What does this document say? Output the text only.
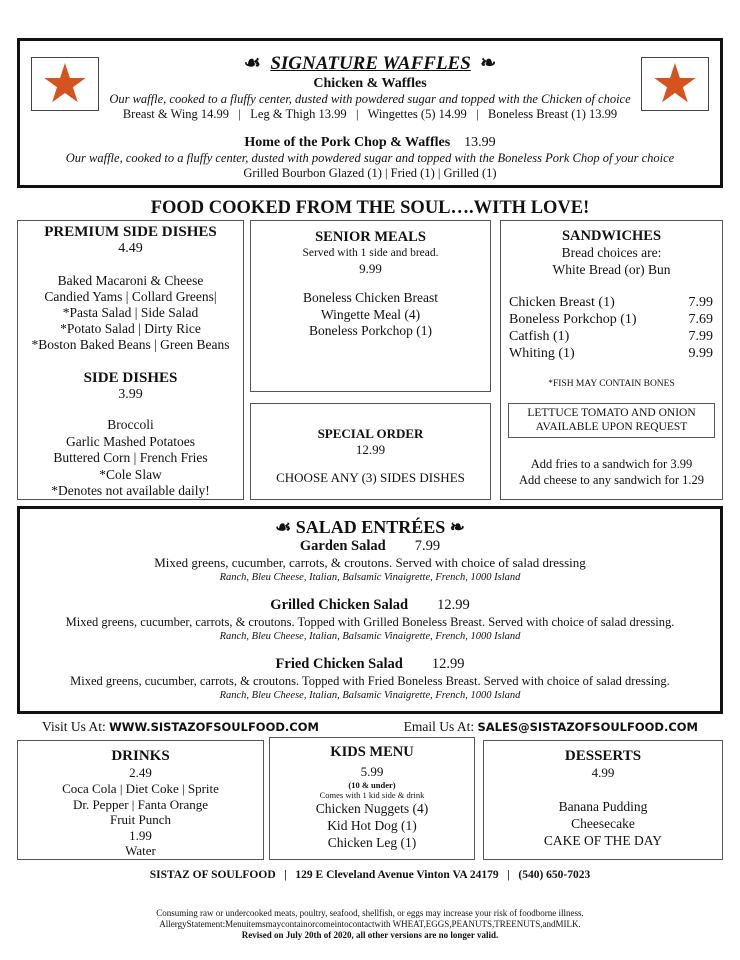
★	★
☙ SIGNATURE WAFFLES ❧
Chicken & Waffles
Our waffle, cooked to a fluffy center, dusted with powdered sugar and topped with the Chicken of choice
Breast & Wing 14.99   |   Leg & Thigh 13.99   |   Wingettes (5) 14.99   |   Boneless Breast (1) 13.99
Home of the Pork Chop & Waffles 13.99
Our waffle, cooked to a fluffy center, dusted with powdered sugar and topped with the Boneless Pork Chop of your choice
Grilled Bourbon Glazed (1) | Fried (1) | Grilled (1)
FOOD COOKED FROM THE SOUL….WITH LOVE!
PREMIUM SIDE DISHES
4.49
Baked Macaroni & Cheese
Candied Yams | Collard Greens|
*Pasta Salad | Side Salad
*Potato Salad | Dirty Rice
*Boston Baked Beans | Green Beans
SIDE DISHES
3.99
Broccoli
Garlic Mashed Potatoes
Buttered Corn | French Fries
*Cole Slaw
*Denotes not available daily!
SENIOR MEALS
Served with 1 side and bread.
9.99
Boneless Chicken Breast
Wingette Meal (4)
Boneless Porkchop (1)
SPECIAL ORDER
12.99
CHOOSE ANY (3) SIDES DISHES
SANDWICHES
Bread choices are:
White Bread (or) Bun
Chicken Breast (1)	7.99
Boneless Porkchop (1)	7.69
Catfish (1)	7.99
Whiting (1)	9.99
*FISH MAY CONTAIN BONES
LETTUCE TOMATO AND ONION
AVAILABLE UPON REQUEST
Add fries to a sandwich for 3.99
Add cheese to any sandwich for 1.29
☙ SALAD ENTRÉES ❧
Garden Salad 7.99
Mixed greens, cucumber, carrots, & croutons. Served with choice of salad dressing
Ranch, Bleu Cheese, Italian, Balsamic Vinaigrette, French, 1000 Island
Grilled Chicken Salad 12.99
Mixed greens, cucumber, carrots, & croutons. Topped with Grilled Boneless Breast. Served with choice of salad dressing.
Ranch, Bleu Cheese, Italian, Balsamic Vinaigrette, French, 1000 Island
Fried Chicken Salad 12.99
Mixed greens, cucumber, carrots, & croutons. Topped with Fried Boneless Breast. Served with choice of salad dressing.
Ranch, Bleu Cheese, Italian, Balsamic Vinaigrette, French, 1000 Island
Visit Us At: WWW.SISTAZOFSOULFOOD.COM	Email Us At: SALES@SISTAZOFSOULFOOD.COM
DRINKS
2.49
Coca Cola | Diet Coke | Sprite
Dr. Pepper | Fanta Orange
Fruit Punch
1.99
Water
KIDS MENU
5.99
(10 & under)
Comes with 1 kid side & drink
Chicken Nuggets (4)
Kid Hot Dog (1)
Chicken Leg (1)
DESSERTS
4.99
Banana Pudding
Cheesecake
CAKE OF THE DAY
SISTAZ OF SOULFOOD   |   129 E Cleveland Avenue Vinton VA 24179   |   (540) 650-7023
Consuming raw or undercooked meats, poultry, seafood, shellfish, or eggs may increase your risk of foodborne illness.
AllergyStatement:Menuitemsmaycontainorcomeintocontactwith WHEAT,EGGS,PEANUTS,TREENUTS,andMILK.
Revised on July 20th of 2020, all other versions are no longer valid.
